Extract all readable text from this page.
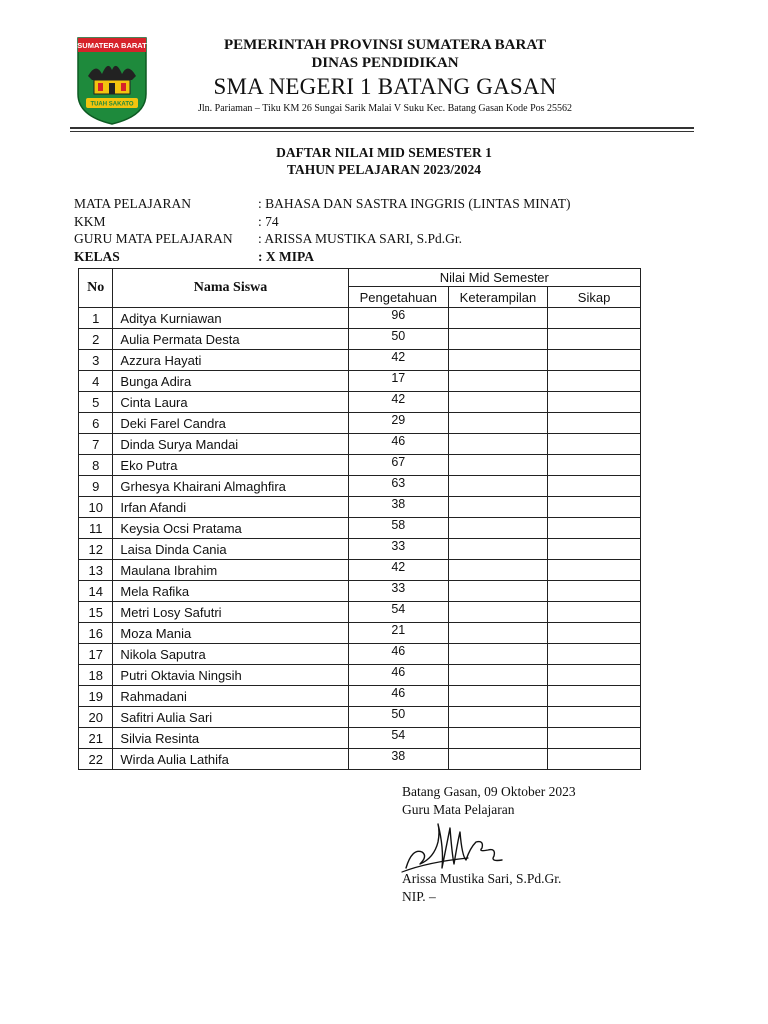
SUMATERA BARAT
TUAH SAKATO
PEMERINTAH PROVINSI SUMATERA BARAT
DINAS PENDIDIKAN
SMA NEGERI 1 BATANG GASAN
Jln. Pariaman – Tiku KM 26 Sungai Sarik Malai V Suku Kec. Batang Gasan Kode Pos 25562
DAFTAR NILAI MID SEMESTER 1
TAHUN PELAJARAN 2023/2024
MATA PELAJARAN	: BAHASA DAN SASTRA INGGRIS (LINTAS MINAT)
KKM	: 74
GURU MATA PELAJARAN : ARISSA MUSTIKA SARI, S.Pd.Gr.
KELAS	: X MIPA
No	Nama Siswa	Nilai Mid Semester		
		Pengetahuan	Keterampilan	Sikap
1	Aditya Kurniawan	96		
2	Aulia Permata Desta	50		
3	Azzura Hayati	42		
4	Bunga Adira	17		
5	Cinta Laura	42		
6	Deki Farel Candra	29		
7	Dinda Surya Mandai	46		
8	Eko Putra	67		
9	Grhesya Khairani Almaghfira	63		
10	Irfan Afandi	38		
11	Keysia Ocsi Pratama	58		
12	Laisa Dinda Cania	33		
13	Maulana Ibrahim	42		
14	Mela Rafika	33		
15	Metri Losy Safutri	54		
16	Moza Mania	21		
17	Nikola Saputra	46		
18	Putri Oktavia Ningsih	46		
19	Rahmadani	46		
20	Safitri Aulia Sari	50		
21	Silvia Resinta	54		
22	Wirda Aulia Lathifa	38		
Batang Gasan, 09 Oktober 2023
Guru Mata Pelajaran
Arissa Mustika Sari, S.Pd.Gr.
NIP. –
